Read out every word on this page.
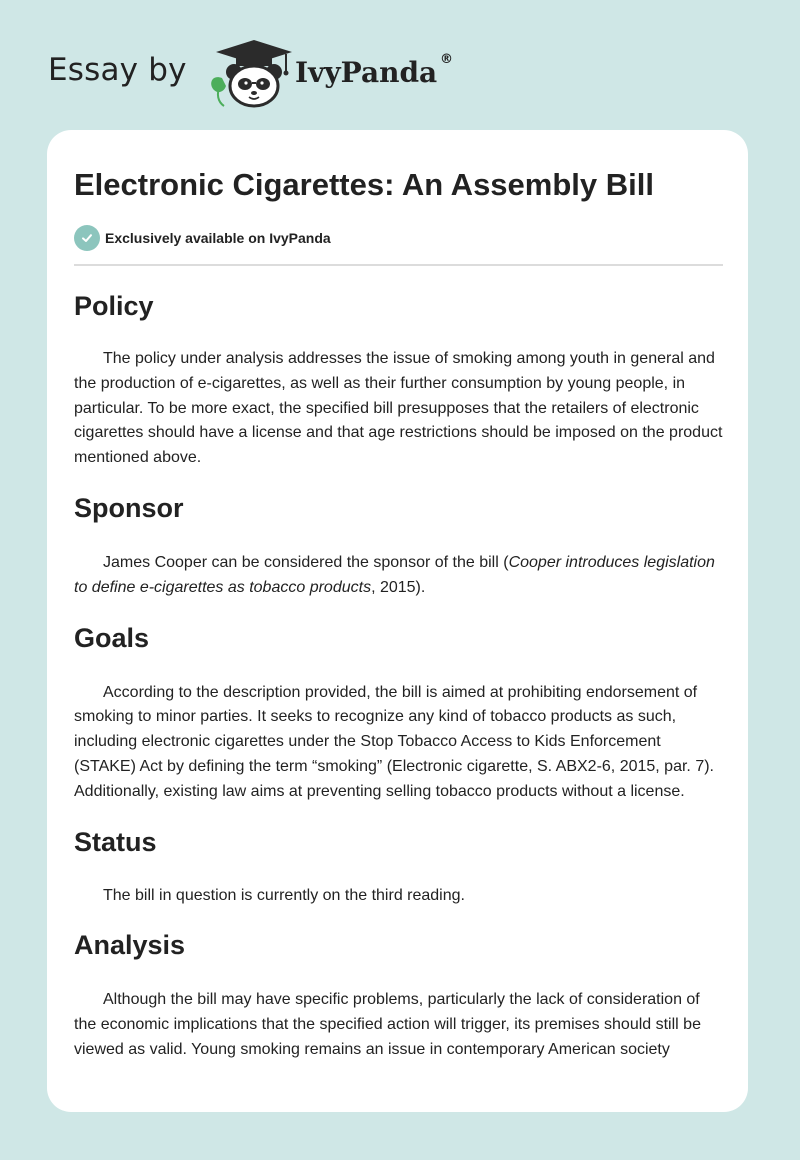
Essay by	IvyPanda ®
Electronic Cigarettes: An Assembly Bill
Exclusively available on IvyPanda
Policy

The policy under analysis addresses the issue of smoking among youth in general and the production of e-cigarettes, as well as their further consumption by young people, in particular. To be more exact, the specified bill presupposes that the retailers of electronic cigarettes should have a license and that age restrictions should be imposed on the product mentioned above.

Sponsor

James Cooper can be considered the sponsor of the bill (Cooper introduces legislation to define e-cigarettes as tobacco products, 2015).

Goals

According to the description provided, the bill is aimed at prohibiting endorsement of smoking to minor parties. It seeks to recognize any kind of tobacco products as such, including electronic cigarettes under the Stop Tobacco Access to Kids Enforcement (STAKE) Act by defining the term “smoking” (Electronic cigarette, S. ABX2-6, 2015, par. 7). Additionally, existing law aims at preventing selling tobacco products without a license.

Status

The bill in question is currently on the third reading.

Analysis

Although the bill may have specific problems, particularly the lack of consideration of the economic implications that the specified action will trigger, its premises should still be viewed as valid. Young smoking remains an issue in contemporary American society
